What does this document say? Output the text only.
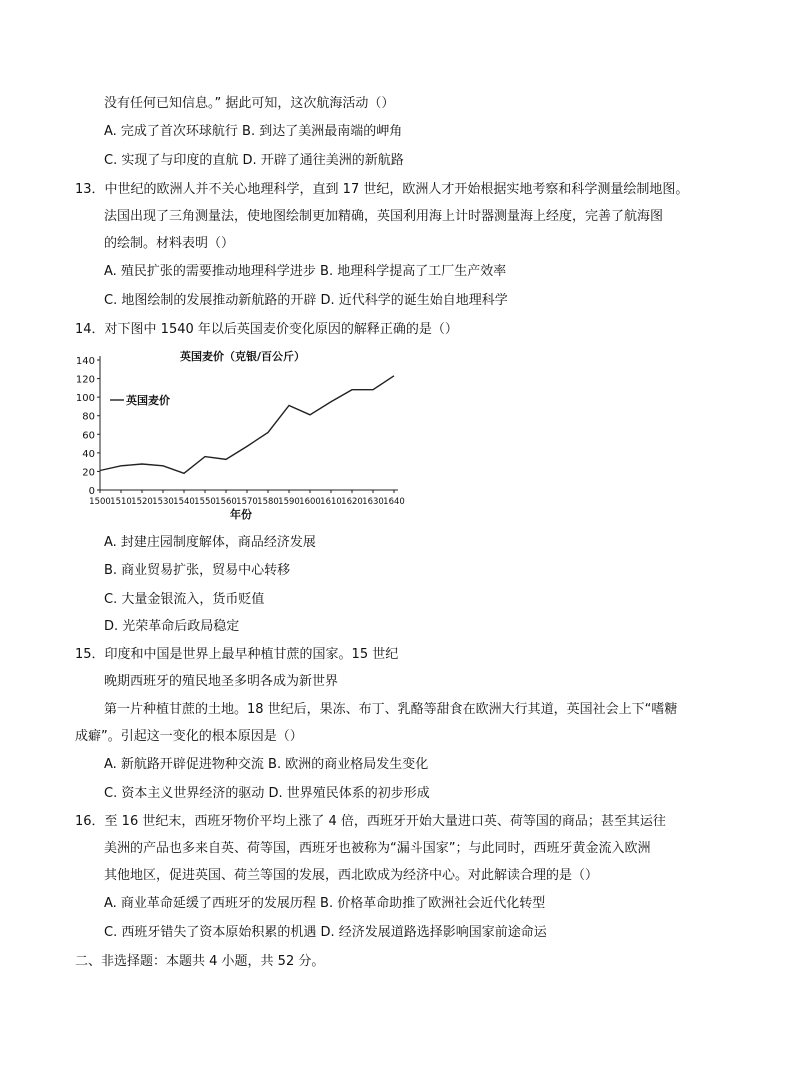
没有任何已知信息。” 据此可知，这次航海活动（）
A. 完成了首次环球航行 B. 到达了美洲最南端的岬角
C. 实现了与印度的直航 D. 开辟了通往美洲的新航路
13．中世纪的欧洲人并不关心地理科学，直到 17 世纪，欧洲人才开始根据实地考察和科学测量绘制地图。
法国出现了三角测量法，使地图绘制更加精确，英国利用海上计时器测量海上经度，完善了航海图
的绘制。材料表明（）
A. 殖民扩张的需要推动地理科学进步 B. 地理科学提高了工厂生产效率
C. 地图绘制的发展推动新航路的开辟 D. 近代科学的诞生始自地理科学
14．对下图中 1540 年以后英国麦价变化原因的解释正确的是（）
0
20
40
60
80
100
120
140
1500 1510 1520 1530 1540 1550 1560 1570 1580 1590 1600 1610 1620 1630 1640
英国麦价（克银/百公斤）
英国麦价
年份
A. 封建庄园制度解体，商品经济发展
B. 商业贸易扩张，贸易中心转移
C. 大量金银流入，货币贬值
D. 光荣革命后政局稳定
15．印度和中国是世界上最早种植甘蔗的国家。15 世纪
晚期西班牙的殖民地圣多明各成为新世界
第一片种植甘蔗的土地。18 世纪后，果冻、布丁、乳酪等甜食在欧洲大行其道，英国社会上下“嗜糖
成癖”。引起这一变化的根本原因是（）
A. 新航路开辟促进物种交流 B. 欧洲的商业格局发生变化
C. 资本主义世界经济的驱动 D. 世界殖民体系的初步形成
16．至 16 世纪末，西班牙物价平均上涨了 4 倍，西班牙开始大量进口英、荷等国的商品；甚至其运往
美洲的产品也多来自英、荷等国，西班牙也被称为“漏斗国家”；与此同时，西班牙黄金流入欧洲
其他地区，促进英国、荷兰等国的发展，西北欧成为经济中心。对此解读合理的是（）
A. 商业革命延缓了西班牙的发展历程 B. 价格革命助推了欧洲社会近代化转型
C. 西班牙错失了资本原始积累的机遇 D. 经济发展道路选择影响国家前途命运
二、非选择题：本题共 4 小题，共 52 分。
